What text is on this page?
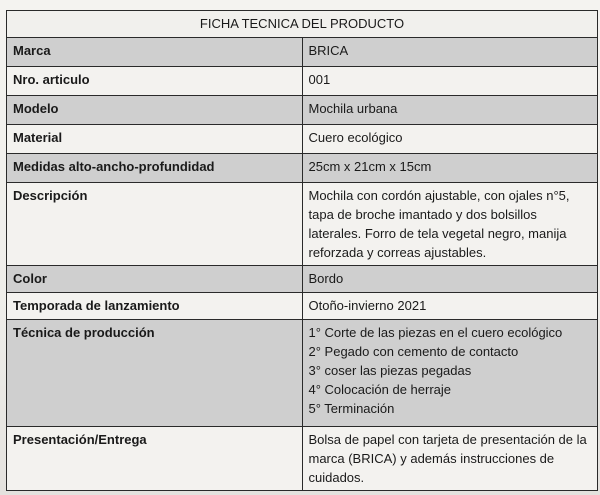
FICHA TECNICA DEL PRODUCTO	
Marca	BRICA
Nro. articulo	001
Modelo	Mochila urbana
Material	Cuero ecológico
Medidas alto-ancho-profundidad	25cm x 21cm x 15cm
Descripción	Mochila con cordón ajustable, con ojales n°5, tapa de broche imantado y dos bolsillos laterales. Forro de tela vegetal negro, manija reforzada y correas ajustables.
Color	Bordo
Temporada de lanzamiento	Otoño-invierno 2021
Técnica de producción	1° Corte de las piezas en el cuero ecológico
2° Pegado con cemento de contacto
3° coser las piezas pegadas
4° Colocación de herraje
5° Terminación

Presentación/Entrega	Bolsa de papel con tarjeta de presentación de la marca (BRICA) y además instrucciones de cuidados.
